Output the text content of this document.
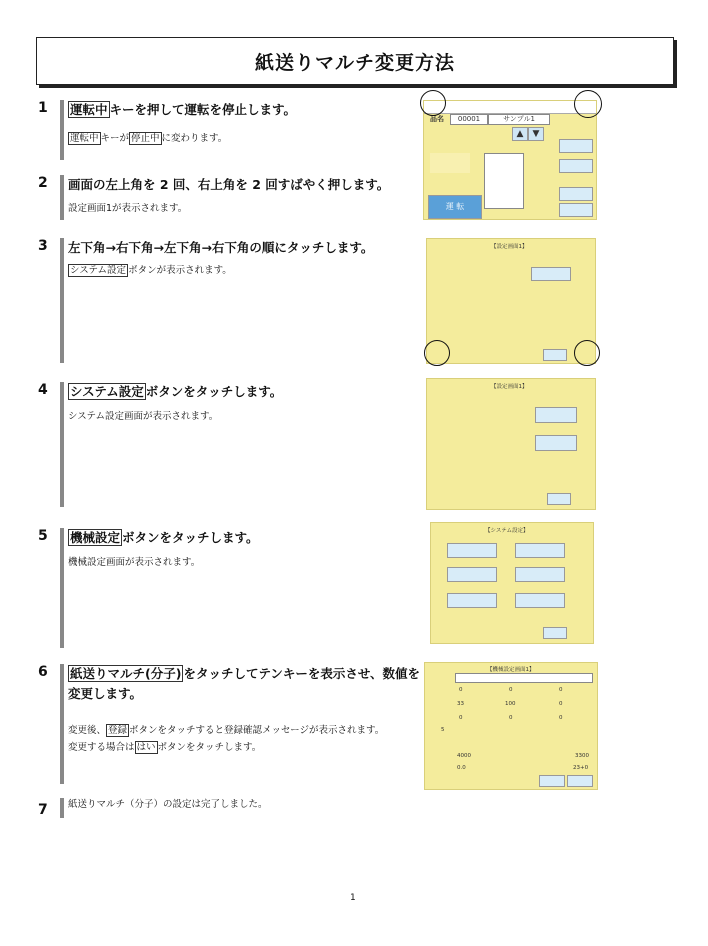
紙送りマルチ変更方法
1	運転中 キーを押して運転を停止します。
運転中 キーが 停止中 に変わります。
2	画面の左上角を 2 回、右上角を 2 回すばやく押します。
設定画面1が表示されます。
3	左下角→右下角→左下角→右下角の順にタッチします。
システム設定 ボタンが表示されます。
4	システム設定 ボタンをタッチします。
システム設定画面が表示されます。
5	機械設定 ボタンをタッチします。
機械設定画面が表示されます。
6	紙送りマルチ(分子) をタッチしてテンキーを表示させ、数値を
変更します。
変更後、 登録 ボタンをタッチすると登録確認メッセージが表示されます。
変更する場合は はい ボタンをタッチします。
7	紙送りマルチ（分子）の設定は完了しました。
品名	00001	サンプル1
▲	▼
運 転
【設定画面1】
【設定画面1】
【システム設定】
【機械設定画面1】
0	0	0
33	100	0
0	0	0
5
4000	3300
0.0	23+0
1
